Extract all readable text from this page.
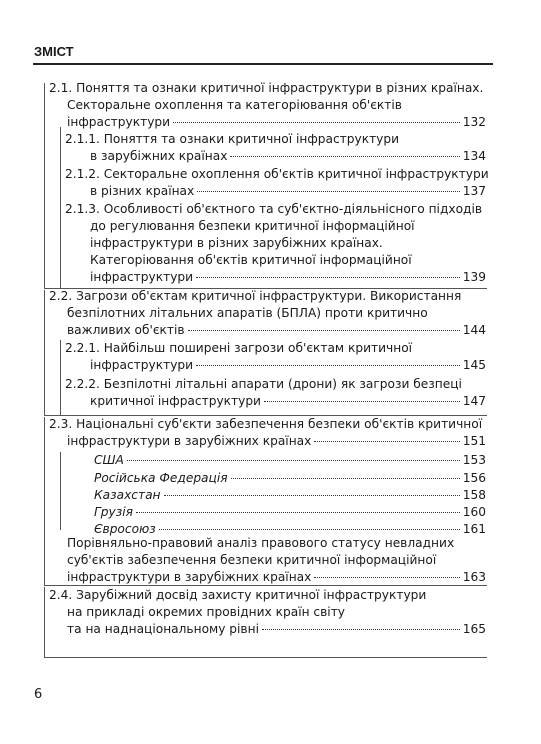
ЗМІСТ
2.1. Поняття та ознаки критичної інфраструктури в різних країнах.
Секторальне охоплення та категоріювання об'єктів
інфраструктури	132
2.1.1. Поняття та ознаки критичної інфраструктури
в зарубіжних країнах	134
2.1.2. Секторальне охоплення об'єктів критичної інфраструктури
в різних країнах	137
2.1.3. Особливості об'єктного та суб'єктно-діяльнісного підходів
до регулювання безпеки критичної інформаційної
інфраструктури в різних зарубіжних країнах.
Категоріювання об'єктів критичної інформаційної
інфраструктури	139
2.2. Загрози об'єктам критичної інфраструктури. Використання
безпілотних літальних апаратів (БПЛА) проти критично
важливих об'єктів	144
2.2.1. Найбільш поширені загрози об'єктам критичної
інфраструктури	145
2.2.2. Безпілотні літальні апарати (дрони) як загрози безпеці
критичної інфраструктури	147
2.3. Національні суб'єкти забезпечення безпеки об'єктів критичної
інфраструктури в зарубіжних країнах	151
США	153
Російська Федерація	156
Казахстан	158
Грузія	160
Євросоюз	161
Порівняльно-правовий аналіз правового статусу невладних
суб'єктів забезпечення безпеки критичної інформаційної
інфраструктури в зарубіжних країнах	163
2.4. Зарубіжний досвід захисту критичної інфраструктури
на прикладі окремих провідних країн світу
та на наднаціональному рівні	165
6
